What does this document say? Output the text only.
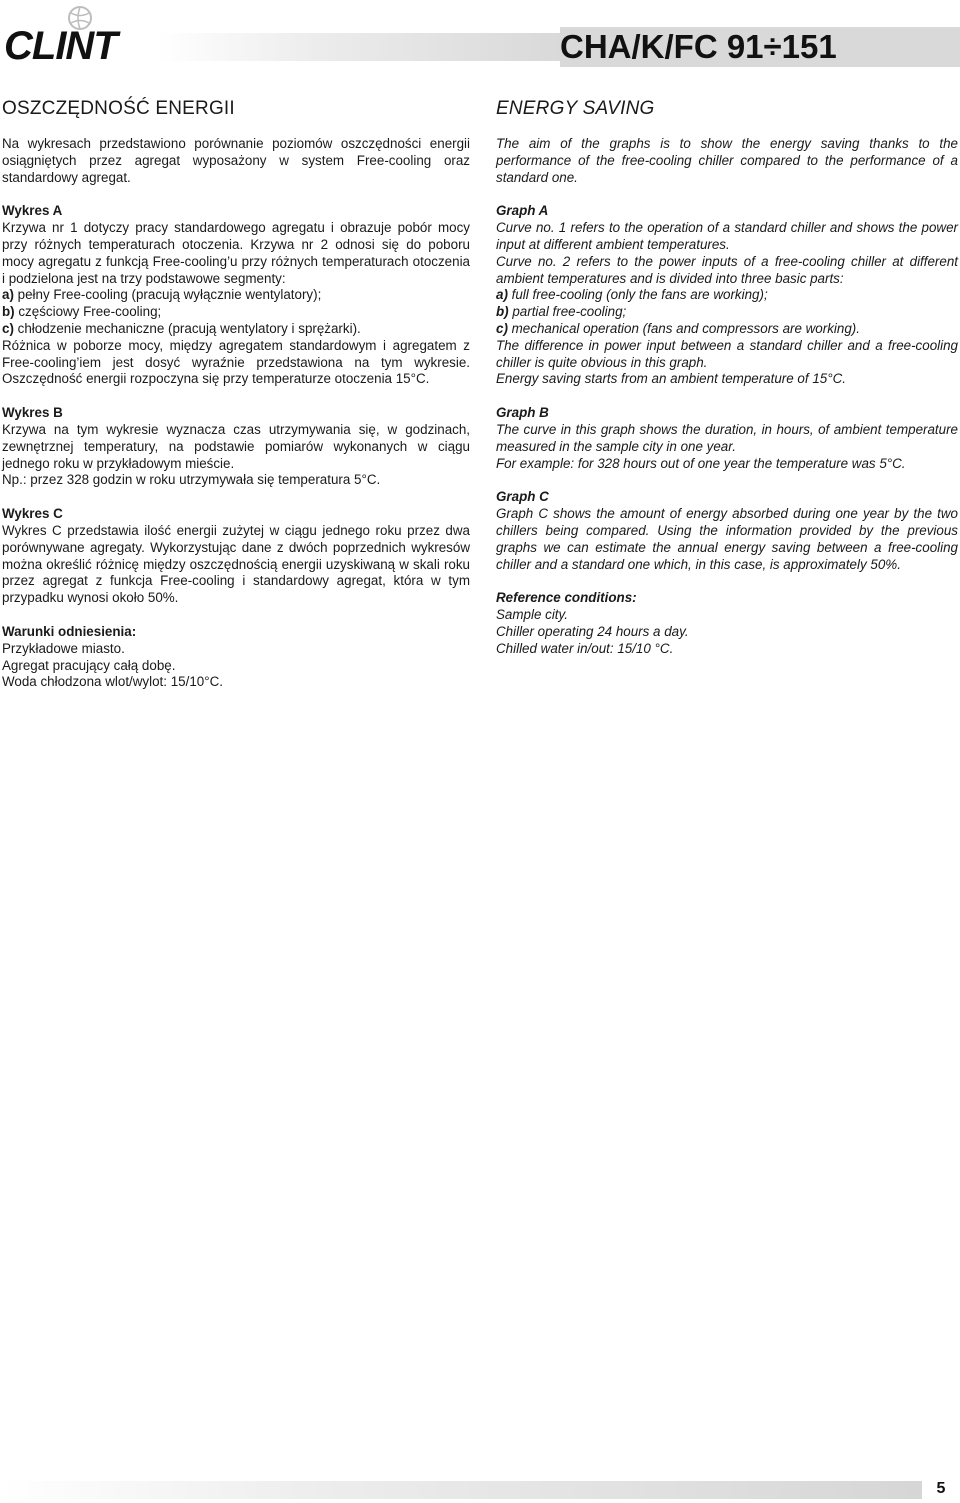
CLINT	CHA/K/FC 91÷151
OSZCZĘDNOŚĆ ENERGII

Na wykresach przedstawiono porównanie poziomów oszczędności energii osiągniętych przez agregat wyposażony w system Free-cooling oraz standardowy agregat.

Wykres A

Krzywa nr 1 dotyczy pracy standardowego agregatu i obrazuje pobór mocy przy różnych temperaturach otoczenia. Krzywa nr 2 odnosi się do poboru mocy agregatu z funkcją Free-cooling’u przy różnych temperaturach otoczenia i podzielona jest na trzy podstawowe segmenty:

a) pełny Free-cooling (pracują wyłącznie wentylatory);

b) częściowy Free-cooling;

c) chłodzenie mechaniczne (pracują wentylatory i sprężarki).

Różnica w poborze mocy, między agregatem standardowym i agregatem z Free-cooling’iem jest dosyć wyraźnie przedstawiona na tym wykresie. Oszczędność energii rozpoczyna się przy temperaturze otoczenia 15°C.

Wykres B

Krzywa na tym wykresie wyznacza czas utrzymywania się, w godzinach, zewnętrznej temperatury, na podstawie pomiarów wykonanych w ciągu jednego roku w przykładowym mieście.

Np.: przez 328 godzin w roku utrzymywała się temperatura 5°C.

Wykres C

Wykres C przedstawia ilość energii zużytej w ciągu jednego roku przez dwa porównywane agregaty. Wykorzystując dane z dwóch poprzednich wykresów można określić różnicę między oszczędnością energii uzyskiwaną w skali roku przez agregat z funkcja Free-cooling i standardowy agregat, która w tym przypadku wynosi około 50%.

Warunki odniesienia:

Przykładowe miasto.

Agregat pracujący całą dobę.

Woda chłodzona wlot/wylot: 15/10°C.

ENERGY SAVING

The aim of the graphs is to show the energy saving thanks to the performance of the free-cooling chiller compared to the performance of a standard one.

Graph A

Curve no. 1 refers to the operation of a standard chiller and shows the power input at different ambient temperatures.

Curve no. 2 refers to the power inputs of a free-cooling chiller at different ambient temperatures and is divided into three basic parts:

a) full free-cooling (only the fans are working);

b) partial free-cooling;

c) mechanical operation (fans and compressors are working).

The difference in power input between a standard chiller and a free-cooling chiller is quite obvious in this graph.

Energy saving starts from an ambient temperature of 15°C.

Graph B

The curve in this graph shows the duration, in hours, of ambient temperature measured in the sample city in one year.

For example: for 328 hours out of one year the temperature was 5°C.

Graph C

Graph C shows the amount of energy absorbed during one year by the two chillers being compared. Using the information provided by the previous graphs we can estimate the annual energy saving between a free-cooling chiller and a standard one which, in this case, is approximately 50%.

Reference conditions:

Sample city.

Chiller operating 24 hours a day.

Chilled water in/out: 15/10 °C.

5
